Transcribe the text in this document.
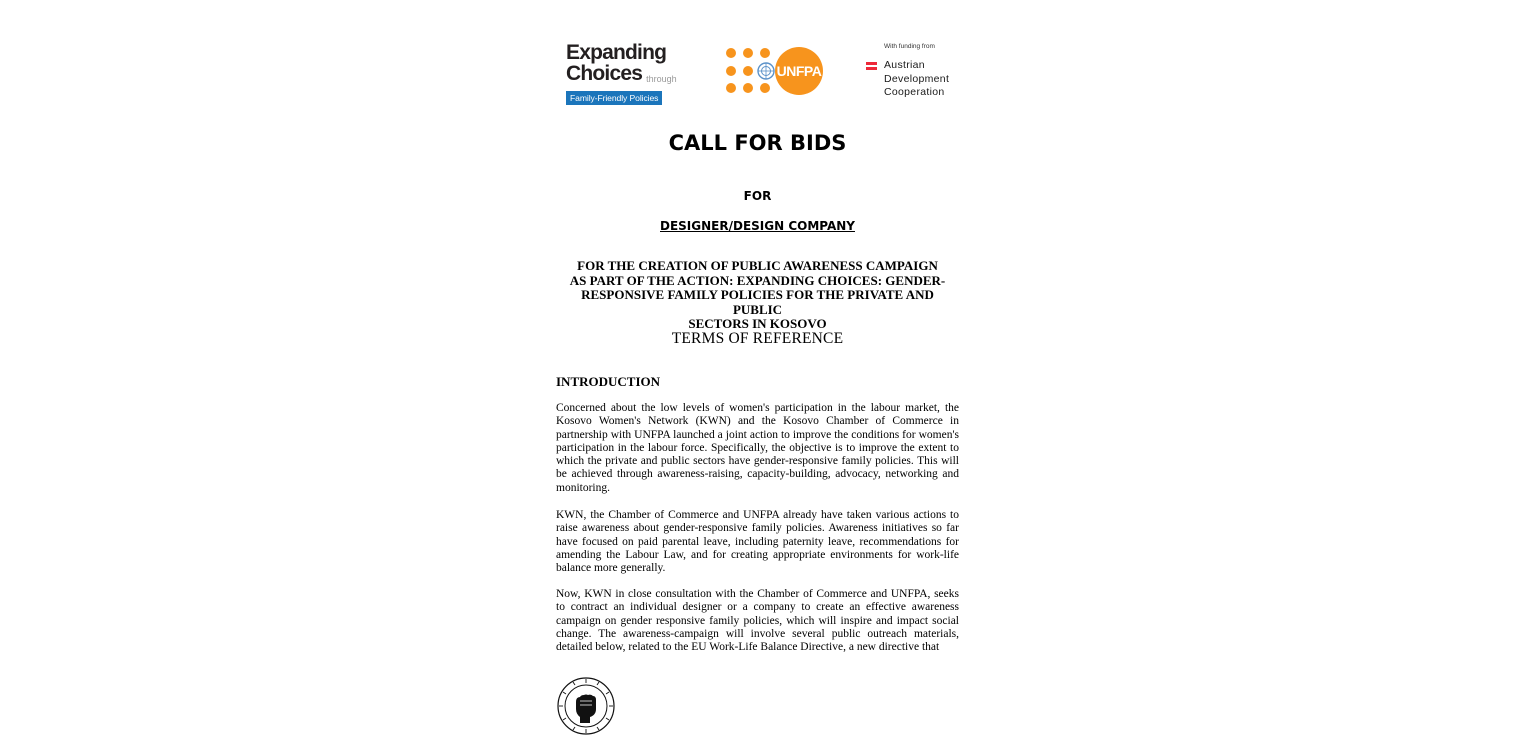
Expanding
Choices through
Family-Friendly Policies
UNFPA
With funding from
Austrian
Development
Cooperation
CALL FOR BIDS
FOR
DESIGNER/DESIGN COMPANY
FOR THE CREATION OF PUBLIC AWARENESS CAMPAIGN
AS PART OF THE ACTION: EXPANDING CHOICES: GENDER-
RESPONSIVE FAMILY POLICIES FOR THE PRIVATE AND PUBLIC
SECTORS IN KOSOVO
TERMS OF REFERENCE
INTRODUCTION

Concerned about the low levels of women's participation in the labour market, the Kosovo Women's Network (KWN) and the Kosovo Chamber of Commerce in partnership with UNFPA launched a joint action to improve the conditions for women's participation in the labour force. Specifically, the objective is to improve the extent to which the private and public sectors have gender-responsive family policies. This will be achieved through awareness-raising, capacity-building, advocacy, networking and monitoring.

KWN, the Chamber of Commerce and UNFPA already have taken various actions to raise awareness about gender-responsive family policies. Awareness initiatives so far have focused on paid parental leave, including paternity leave, recommendations for amending the Labour Law, and for creating appropriate environments for work-life balance more generally.

Now, KWN in close consultation with the Chamber of Commerce and UNFPA, seeks to contract an individual designer or a company to create an effective awareness campaign on gender responsive family policies, which will inspire and impact social change. The awareness-campaign will involve several public outreach materials, detailed below, related to the EU Work-Life Balance Directive, a new directive that
